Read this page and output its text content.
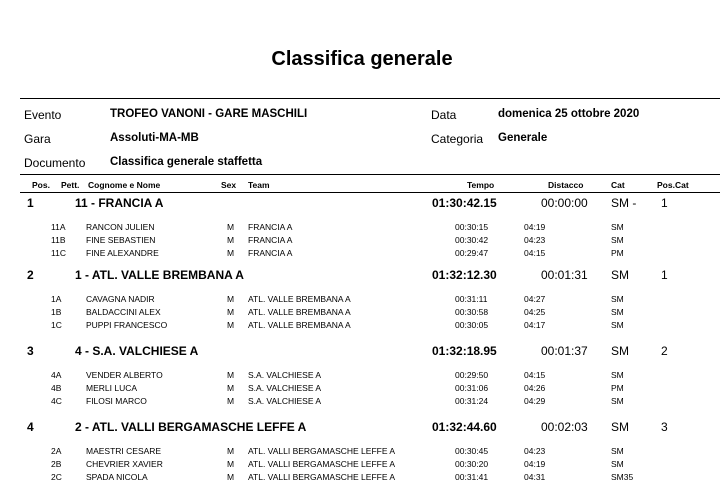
Classifica generale
Evento	TROFEO VANONI - GARE MASCHILI	Data	domenica 25 ottobre 2020
Gara	Assoluti-MA-MB	Categoria Generale
Documento Classifica generale staffetta
Pos. Pett. Cognome e Nome	Sex Team	Tempo	Distacco	Cat	Pos.Cat
1	11 - FRANCIA A	01:30:42.15	00:00:00 SM - 1
11A RANCON JULIEN	M FRANCIA A	00:30:15	04:19	SM
11B FINE SEBASTIEN	M FRANCIA A	00:30:42	04:23	SM
11C FINE ALEXANDRE	M FRANCIA A	00:29:47	04:15	PM
2	1 - ATL. VALLE BREMBANA A	01:32:12.30	00:01:31 SM	1
1A	CAVAGNA NADIR	M ATL. VALLE BREMBANA A	00:31:11	04:27	SM
1B	BALDACCINI ALEX	M ATL. VALLE BREMBANA A	00:30:58	04:25	SM
1C	PUPPI FRANCESCO	M ATL. VALLE BREMBANA A	00:30:05	04:17	SM
3	4 - S.A. VALCHIESE A	01:32:18.95	00:01:37 SM	2
4A	VENDER ALBERTO	M S.A. VALCHIESE A	00:29:50	04:15	SM
4B	MERLI LUCA	M S.A. VALCHIESE A	00:31:06	04:26	PM
4C	FILOSI MARCO	M S.A. VALCHIESE A	00:31:24	04:29	SM
4	2 - ATL. VALLI BERGAMASCHE LEFFE A	01:32:44.60	00:02:03 SM	3
2A	MAESTRI CESARE	M ATL. VALLI BERGAMASCHE LEFFE A	00:30:45	04:23	SM
2B	CHEVRIER XAVIER	M ATL. VALLI BERGAMASCHE LEFFE A	00:30:20	04:19	SM
2C	SPADA NICOLA	M ATL. VALLI BERGAMASCHE LEFFE A	00:31:41	04:31	SM35
